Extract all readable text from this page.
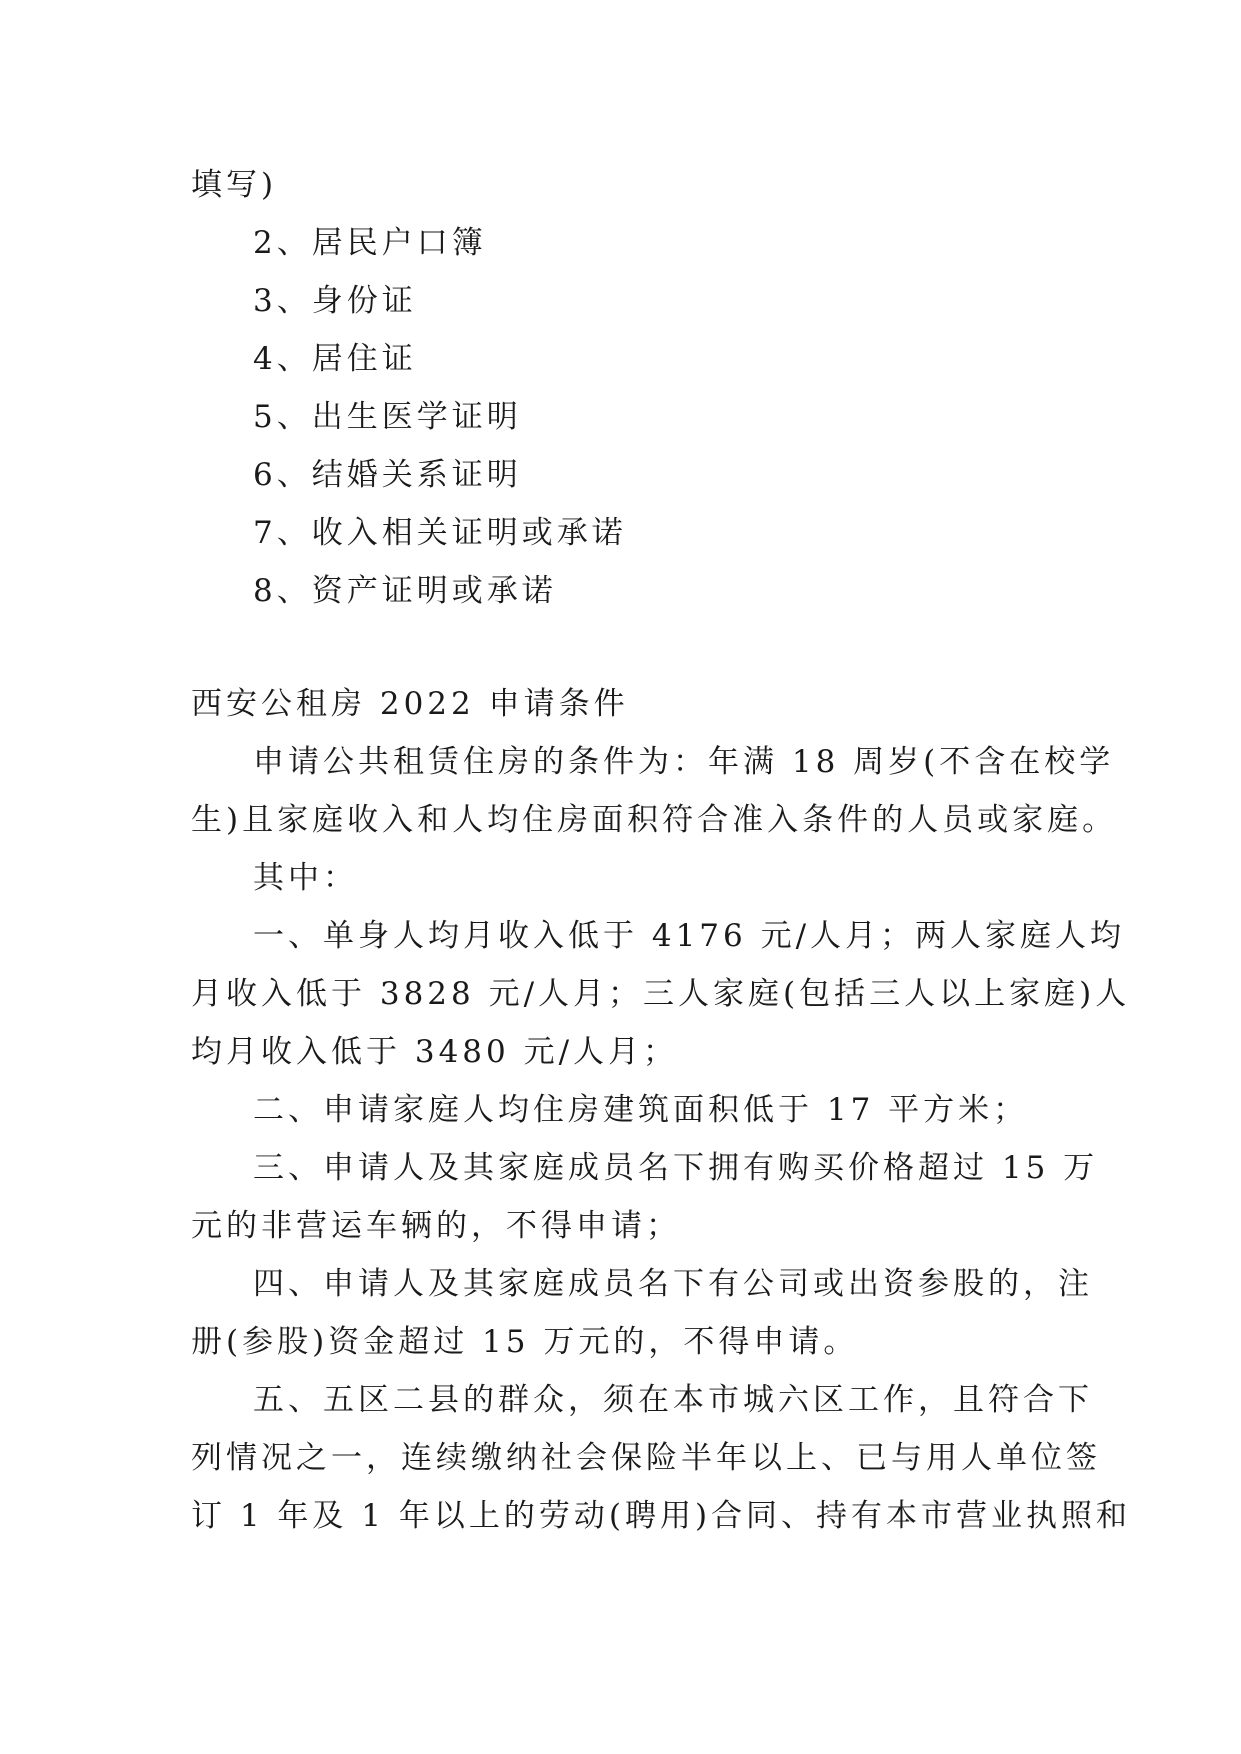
填写)
2、居民户口簿
3、身份证
4、居住证
5、出生医学证明
6、结婚关系证明
7、收入相关证明或承诺
8、资产证明或承诺
西安公租房 2022 申请条件
申请公共租赁住房的条件为：年满 18 周岁(不含在校学
生)且家庭收入和人均住房面积符合准入条件的人员或家庭。
其中：
一、单身人均月收入低于 4176 元/人月；两人家庭人均
月收入低于 3828 元/人月；三人家庭(包括三人以上家庭)人
均月收入低于 3480 元/人月；
二、申请家庭人均住房建筑面积低于 17 平方米；
三、申请人及其家庭成员名下拥有购买价格超过 15 万
元的非营运车辆的，不得申请；
四、申请人及其家庭成员名下有公司或出资参股的，注
册(参股)资金超过 15 万元的，不得申请。
五、五区二县的群众，须在本市城六区工作，且符合下
列情况之一，连续缴纳社会保险半年以上、已与用人单位签
订 1 年及 1 年以上的劳动(聘用)合同、持有本市营业执照和
